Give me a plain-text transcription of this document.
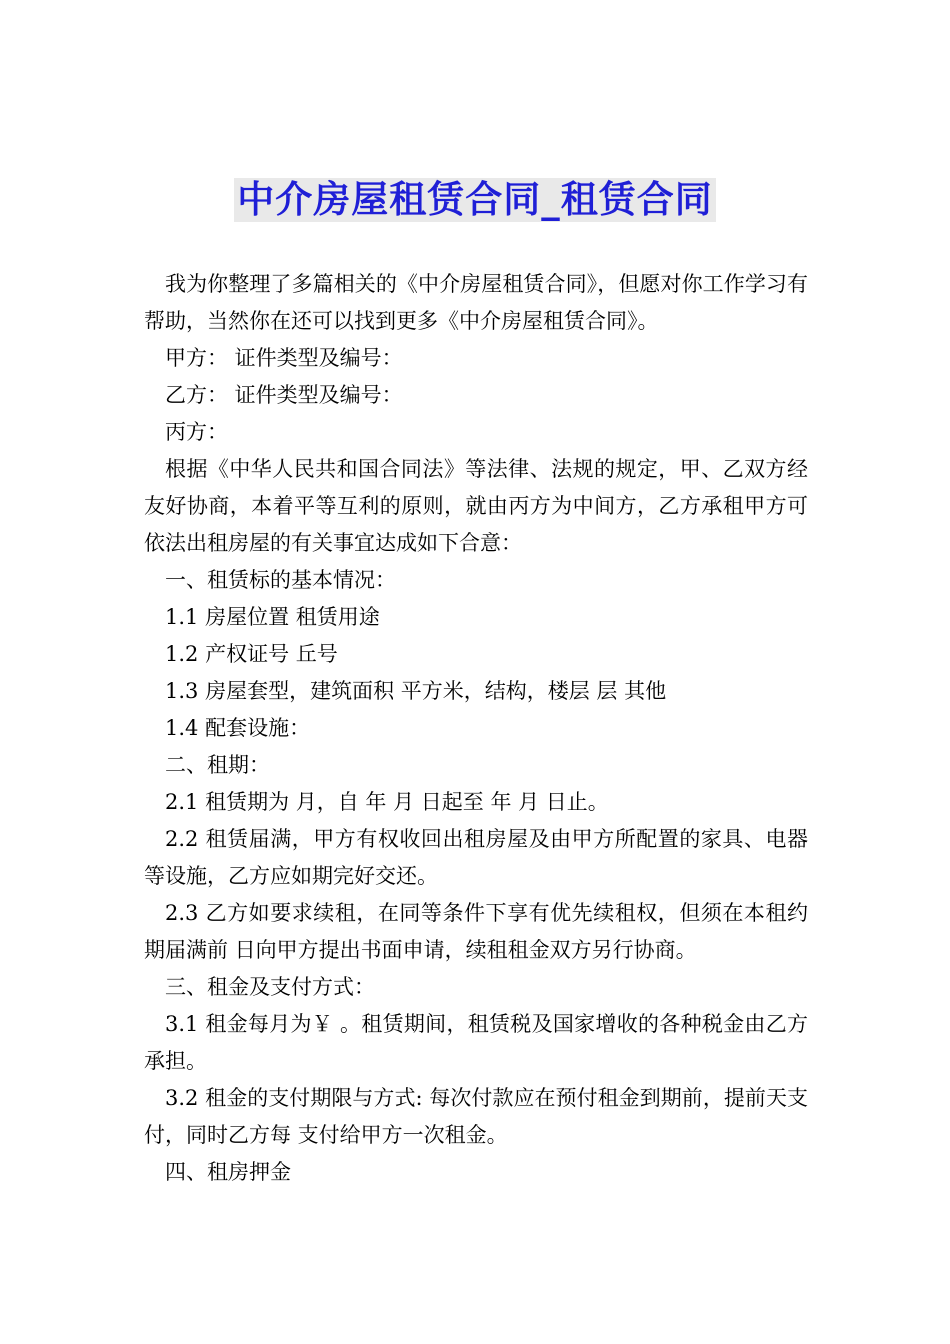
中介房屋租赁合同_租赁合同

我为你整理了多篇相关的《中介房屋租赁合同》，但愿对你工作学习有帮助，当然你在还可以找到更多《中介房屋租赁合同》。

甲方： 证件类型及编号：

乙方： 证件类型及编号：

丙方：

根据《中华人民共和国合同法》等法律、法规的规定，甲、乙双方经友好协商，本着平等互利的原则，就由丙方为中间方，乙方承租甲方可依法出租房屋的有关事宜达成如下合意：

一、租赁标的基本情况：

1.1 房屋位置 租赁用途

1.2 产权证号 丘号

1.3 房屋套型，建筑面积 平方米，结构，楼层 层 其他

1.4 配套设施：

二、租期：

2.1 租赁期为 月，自 年 月 日起至 年 月 日止。

2.2 租赁届满，甲方有权收回出租房屋及由甲方所配置的家具、电器等设施，乙方应如期完好交还。

2.3 乙方如要求续租，在同等条件下享有优先续租权，但须在本租约期届满前 日向甲方提出书面申请，续租租金双方另行协商。

三、租金及支付方式：

3.1 租金每月为￥ 。租赁期间，租赁税及国家增收的各种税金由乙方承担。

3.2 租金的支付期限与方式: 每次付款应在预付租金到期前，提前天支付，同时乙方每 支付给甲方一次租金。

四、租房押金
